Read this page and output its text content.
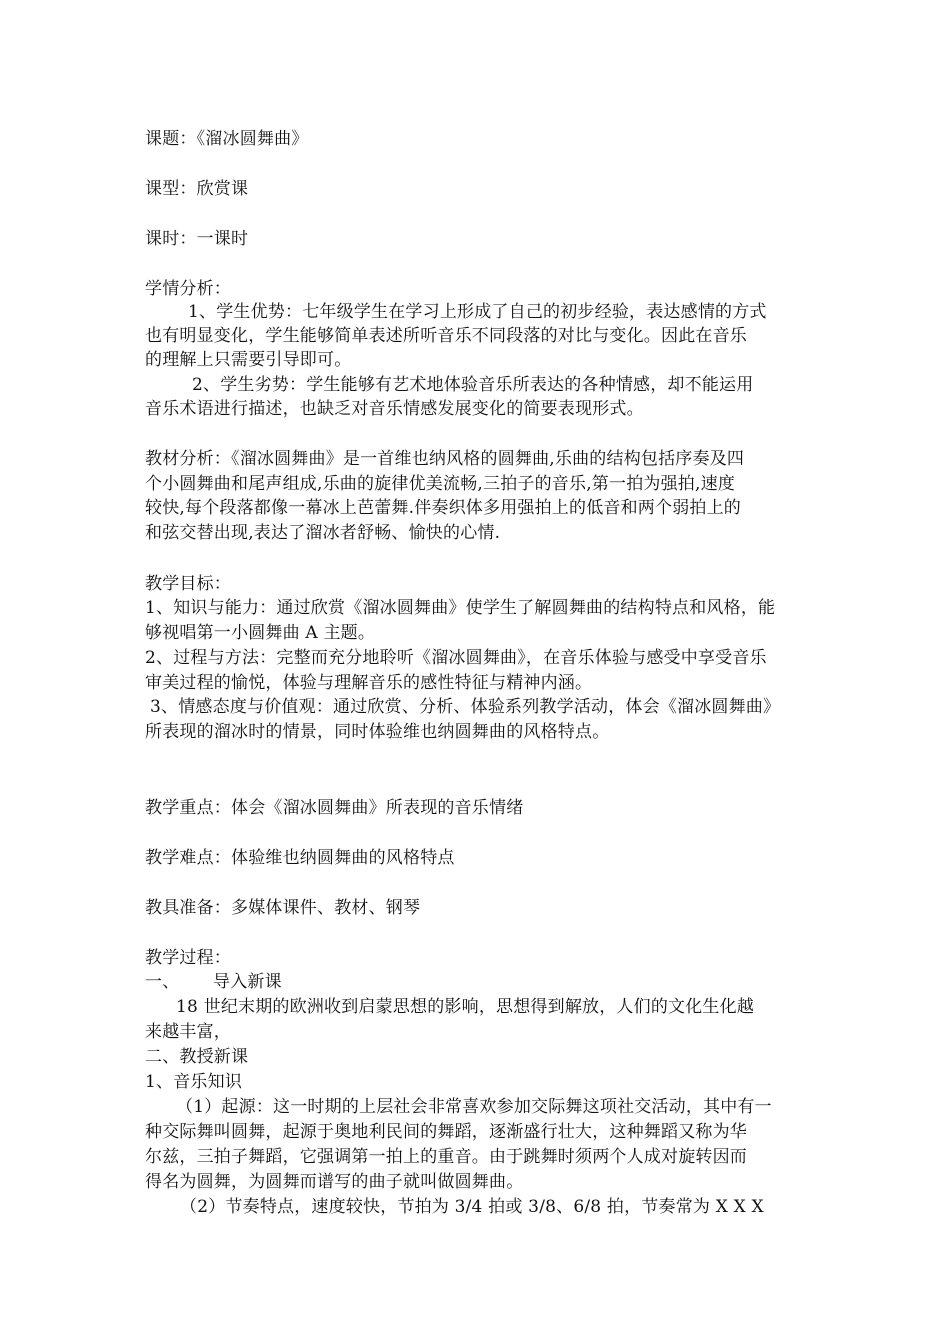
课题：《溜冰圆舞曲》
课型：欣赏课
课时：一课时
学情分析：
1、学生优势：七年级学生在学习上形成了自己的初步经验，表达感情的方式
也有明显变化，学生能够简单表述所听音乐不同段落的对比与变化。因此在音乐
的理解上只需要引导即可。
2、学生劣势：学生能够有艺术地体验音乐所表达的各种情感，却不能运用
音乐术语进行描述，也缺乏对音乐情感发展变化的简要表现形式。
教材分析：《溜冰圆舞曲》是一首维也纳风格的圆舞曲,乐曲的结构包括序奏及四
个小圆舞曲和尾声组成,乐曲的旋律优美流畅,三拍子的音乐,第一拍为强拍,速度
较快,每个段落都像一幕冰上芭蕾舞.伴奏织体多用强拍上的低音和两个弱拍上的
和弦交替出现,表达了溜冰者舒畅、愉快的心情.
教学目标：
1、知识与能力：通过欣赏《溜冰圆舞曲》使学生了解圆舞曲的结构特点和风格，能
够视唱第一小圆舞曲 A 主题。
2、过程与方法：完整而充分地聆听《溜冰圆舞曲》，在音乐体验与感受中享受音乐
审美过程的愉悦，体验与理解音乐的感性特征与精神内涵。
3、情感态度与价值观：通过欣赏、分析、体验系列教学活动，体会《溜冰圆舞曲》
所表现的溜冰时的情景，同时体验维也纳圆舞曲的风格特点。
教学重点：体会《溜冰圆舞曲》所表现的音乐情绪
教学难点：体验维也纳圆舞曲的风格特点
教具准备：多媒体课件、教材、钢琴
教学过程：
一、 导入新课
18 世纪末期的欧洲收到启蒙思想的影响，思想得到解放，人们的文化生化越
来越丰富，
二、教授新课
1、音乐知识
（1）起源：这一时期的上层社会非常喜欢参加交际舞这项社交活动，其中有一
种交际舞叫圆舞，起源于奥地利民间的舞蹈，逐渐盛行壮大，这种舞蹈又称为华
尔兹，三拍子舞蹈，它强调第一拍上的重音。由于跳舞时须两个人成对旋转因而
得名为圆舞，为圆舞而谱写的曲子就叫做圆舞曲。
（2）节奏特点，速度较快，节拍为 3/4 拍或 3/8、6/8 拍，节奏常为 X X X
